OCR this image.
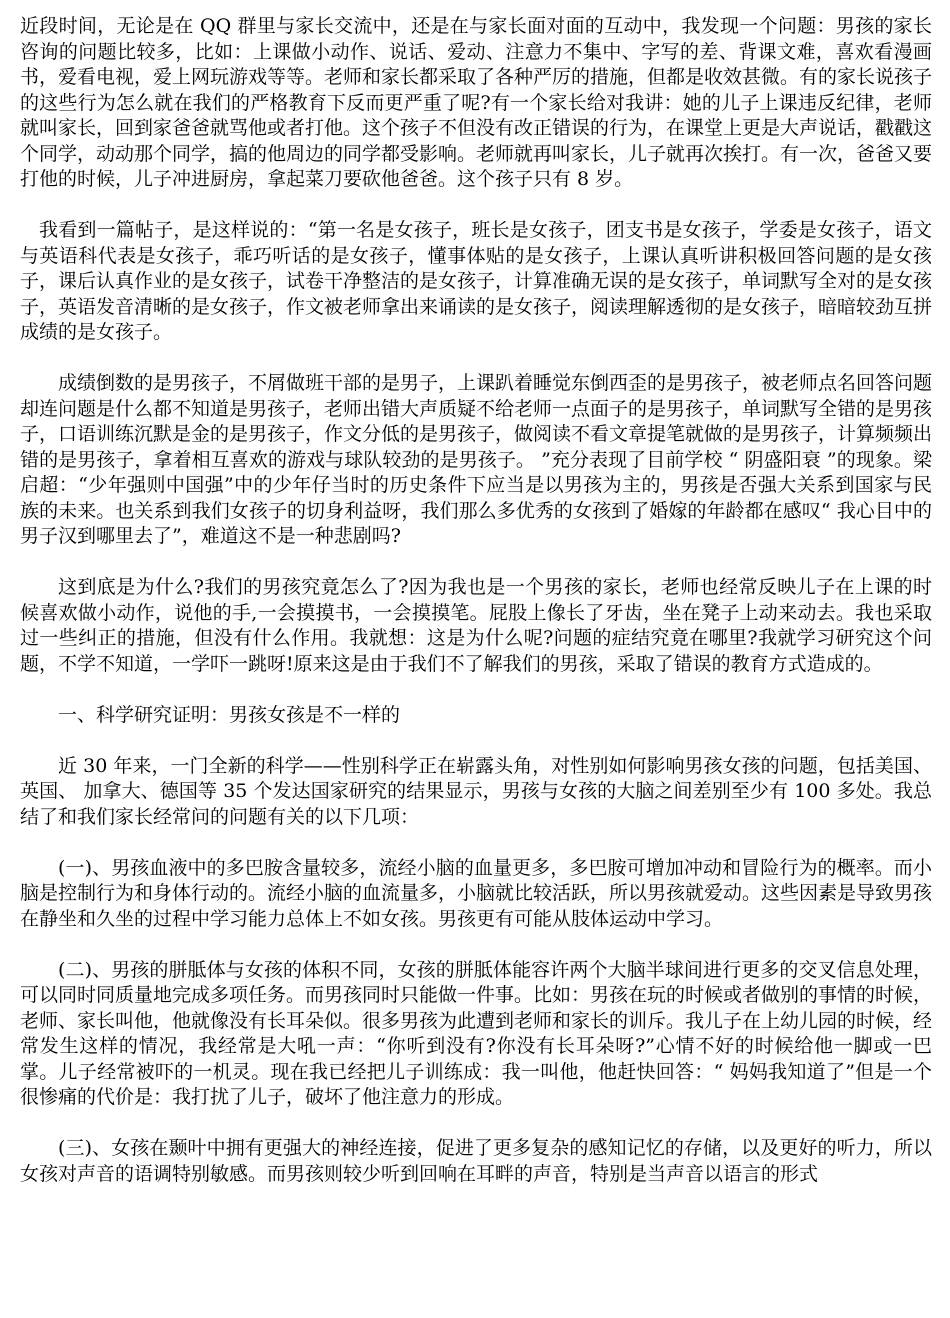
近段时间，无论是在 QQ 群里与家长交流中，还是在与家长面对面的互动中，我发现一个问题：男孩的家长咨询的问题比较多，比如：上课做小动作、说话、爱动、注意力不集中、字写的差、背课文难，喜欢看漫画书，爱看电视，爱上网玩游戏等等。老师和家长都采取了各种严厉的措施，但都是收效甚微。有的家长说孩子的这些行为怎么就在我们的严格教育下反而更严重了呢?有一个家长给对我讲：她的儿子上课违反纪律，老师就叫家长，回到家爸爸就骂他或者打他。这个孩子不但没有改正错误的行为，在课堂上更是大声说话，戳戳这个同学，动动那个同学，搞的他周边的同学都受影响。老师就再叫家长，儿子就再次挨打。有一次，爸爸又要打他的时候，儿子冲进厨房，拿起菜刀要砍他爸爸。这个孩子只有 8 岁。

我看到一篇帖子，是这样说的：“第一名是女孩子，班长是女孩子，团支书是女孩子，学委是女孩子，语文与英语科代表是女孩子，乖巧听话的是女孩子，懂事体贴的是女孩子，上课认真听讲积极回答问题的是女孩子，课后认真作业的是女孩子，试卷干净整洁的是女孩子，计算准确无误的是女孩子，单词默写全对的是女孩子，英语发音清晰的是女孩子，作文被老师拿出来诵读的是女孩子，阅读理解透彻的是女孩子，暗暗较劲互拼成绩的是女孩子。

成绩倒数的是男孩子，不屑做班干部的是男子，上课趴着睡觉东倒西歪的是男孩子，被老师点名回答问题却连问题是什么都不知道是男孩子，老师出错大声质疑不给老师一点面子的是男孩子，单词默写全错的是男孩子，口语训练沉默是金的是男孩子，作文分低的是男孩子，做阅读不看文章提笔就做的是男孩子，计算频频出错的是男孩子，拿着相互喜欢的游戏与球队较劲的是男孩子。 ”充分表现了目前学校 “ 阴盛阳衰 ”的现象。梁启超：“少年强则中国强”中的少年仔当时的历史条件下应当是以男孩为主的，男孩是否强大关系到国家与民族的未来。也关系到我们女孩子的切身利益呀，我们那么多优秀的女孩到了婚嫁的年龄都在感叹“ 我心目中的男子汉到哪里去了”，难道这不是一种悲剧吗?

这到底是为什么?我们的男孩究竟怎么了?因为我也是一个男孩的家长，老师也经常反映儿子在上课的时候喜欢做小动作，说他的手,一会摸摸书，一会摸摸笔。屁股上像长了牙齿，坐在凳子上动来动去。我也采取过一些纠正的措施，但没有什么作用。我就想：这是为什么呢?问题的症结究竟在哪里?我就学习研究这个问题，不学不知道，一学吓一跳呀!原来这是由于我们不了解我们的男孩，采取了错误的教育方式造成的。

一、科学研究证明：男孩女孩是不一样的

近 30 年来，一门全新的科学——性别科学正在崭露头角，对性别如何影响男孩女孩的问题，包括美国、 英国、 加拿大、德国等 35 个发达国家研究的结果显示，男孩与女孩的大脑之间差别至少有 100 多处。我总结了和我们家长经常问的问题有关的以下几项：

(一)、男孩血液中的多巴胺含量较多，流经小脑的血量更多，多巴胺可增加冲动和冒险行为的概率。而小脑是控制行为和身体行动的。流经小脑的血流量多，小脑就比较活跃，所以男孩就爱动。这些因素是导致男孩在静坐和久坐的过程中学习能力总体上不如女孩。男孩更有可能从肢体运动中学习。

(二)、男孩的胼胝体与女孩的体积不同，女孩的胼胝体能容许两个大脑半球间进行更多的交叉信息处理，可以同时同质量地完成多项任务。而男孩同时只能做一件事。比如：男孩在玩的时候或者做别的事情的时候，老师、家长叫他，他就像没有长耳朵似。很多男孩为此遭到老师和家长的训斥。我儿子在上幼儿园的时候，经常发生这样的情况，我经常是大吼一声：“你听到没有?你没有长耳朵呀?”心情不好的时候给他一脚或一巴掌。儿子经常被吓的一机灵。现在我已经把儿子训练成：我一叫他，他赶快回答：“ 妈妈我知道了”但是一个很惨痛的代价是：我打扰了儿子，破坏了他注意力的形成。

(三)、女孩在颞叶中拥有更强大的神经连接，促进了更多复杂的感知记忆的存储，以及更好的听力，所以女孩对声音的语调特别敏感。而男孩则较少听到回响在耳畔的声音，特别是当声音以语言的形式
